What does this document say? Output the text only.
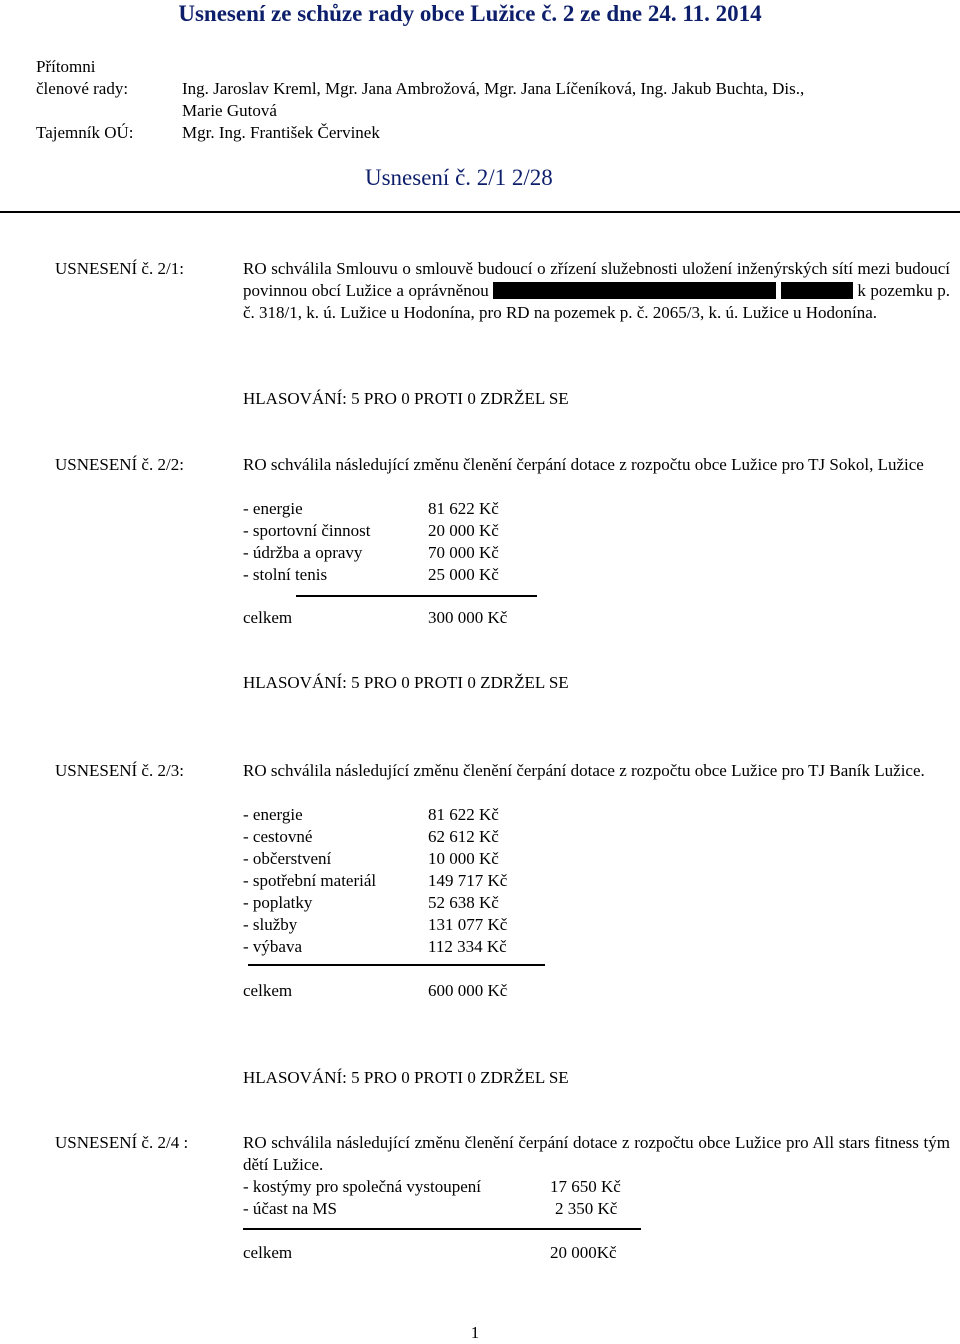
Usnesení ze schůze rady obce Lužice č. 2 ze dne 24. 11. 2014
Přítomni
členové rady:	Ing. Jaroslav Kreml, Mgr. Jana Ambrožová, Mgr. Jana Líčeníková, Ing. Jakub Buchta, Dis.,
Marie Gutová
Tajemník OÚ:	Mgr. Ing. František Červinek
Usnesení č. 2/1 2/28
USNESENÍ č. 2/1:	RO schválila Smlouvu o smlouvě budoucí o zřízení služebnosti uložení inženýrských sítí mezi budoucí povinnou obcí Lužice a oprávněnou	k pozemku p. č. 318/1, k. ú. Lužice u Hodonína, pro RD na pozemek p. č. 2065/3, k. ú. Lužice u Hodonína.
HLASOVÁNÍ: 5 PRO 0 PROTI 0 ZDRŽEL SE
USNESENÍ č. 2/2:	RO schválila následující změnu členění čerpání dotace z rozpočtu obce Lužice pro TJ Sokol, Lužice
- energie	81 622 Kč
- sportovní činnost	20 000 Kč
- údržba a opravy	70 000 Kč
- stolní tenis	25 000 Kč
celkem	300 000 Kč
HLASOVÁNÍ: 5 PRO 0 PROTI 0 ZDRŽEL SE
USNESENÍ č. 2/3:	RO schválila následující změnu členění čerpání dotace z rozpočtu obce Lužice pro TJ Baník Lužice.
- energie	81 622 Kč
- cestovné	62 612 Kč
- občerstvení	10 000 Kč
- spotřební materiál	149 717 Kč
- poplatky	52 638 Kč
- služby	131 077 Kč
- výbava	112 334 Kč
celkem	600 000 Kč
HLASOVÁNÍ: 5 PRO 0 PROTI 0 ZDRŽEL SE
USNESENÍ č. 2/4 :	RO schválila následující změnu členění čerpání dotace z rozpočtu obce Lužice pro All stars fitness tým dětí Lužice.
- kostýmy pro společná vystoupení	17 650 Kč
- účast na MS	2 350 Kč
celkem	20 000Kč
1
